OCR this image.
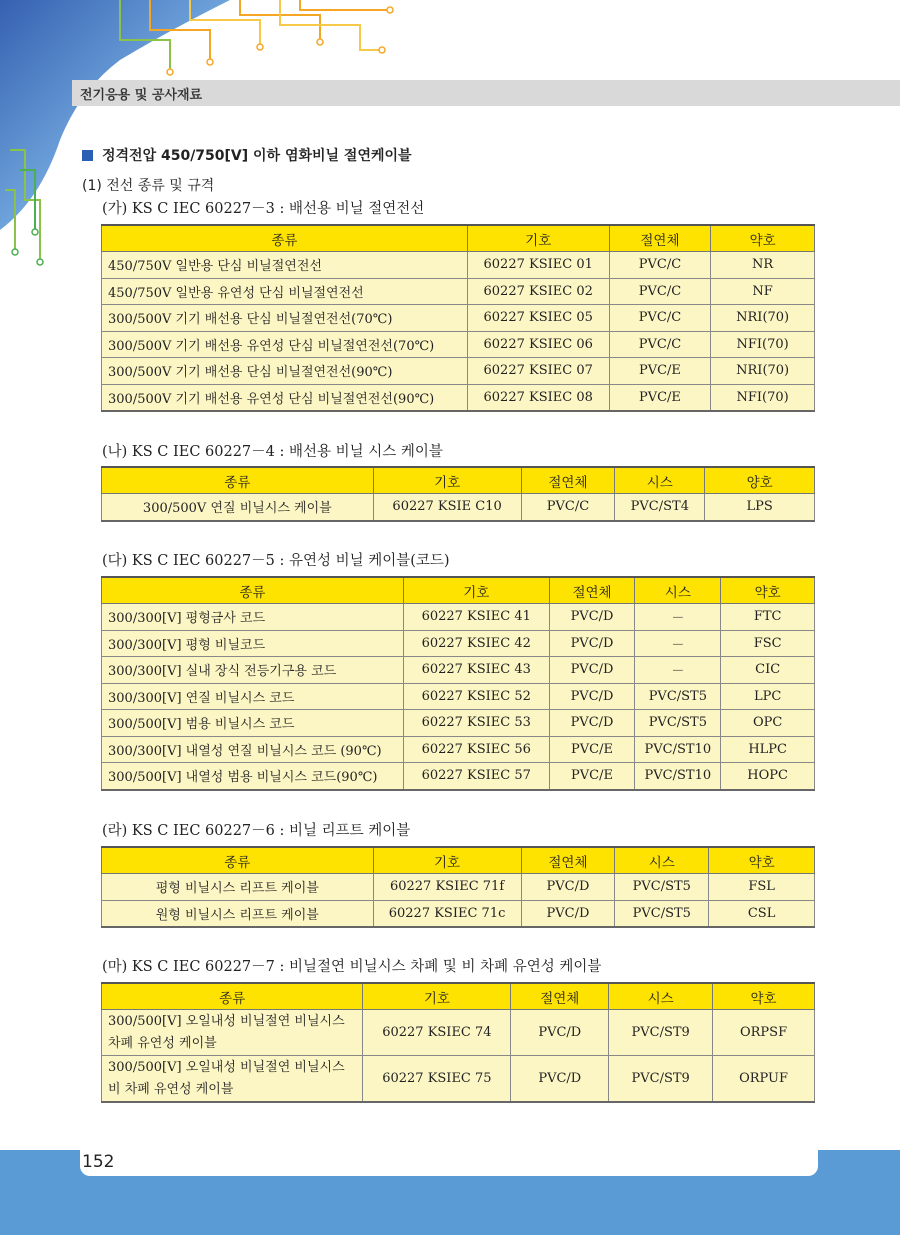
전기응용 및 공사재료
정격전압 450/750[V] 이하 염화비닐 절연케이블
(1) 전선 종류 및 규격
(가) KS C IEC 60227－3 : 배선용 비닐 절연전선
종류	기호	절연체	약호
450/750V 일반용 단심 비닐절연전선	60227 KSIEC 01	PVC/C	NR
450/750V 일반용 유연성 단심 비닐절연전선	60227 KSIEC 02	PVC/C	NF
300/500V 기기 배선용 단심 비닐절연전선(70℃)	60227 KSIEC 05	PVC/C	NRI(70)
300/500V 기기 배선용 유연성 단심 비닐절연전선(70℃)	60227 KSIEC 06	PVC/C	NFI(70)
300/500V 기기 배선용 단심 비닐절연전선(90℃)	60227 KSIEC 07	PVC/E	NRI(70)
300/500V 기기 배선용 유연성 단심 비닐절연전선(90℃)	60227 KSIEC 08	PVC/E	NFI(70)
(나) KS C IEC 60227－4 : 배선용 비닐 시스 케이블
종류	기호	절연체	시스	양호
300/500V 연질 비닐시스 케이블	60227 KSIE C10	PVC/C	PVC/ST4	LPS
(다) KS C IEC 60227－5 : 유연성 비닐 케이블(코드)
종류	기호	절연체	시스	약호
300/300[V] 평형금사 코드	60227 KSIEC 41	PVC/D	－	FTC
300/300[V] 평형 비닐코드	60227 KSIEC 42	PVC/D	－	FSC
300/300[V] 실내 장식 전등기구용 코드	60227 KSIEC 43	PVC/D	－	CIC
300/300[V] 연질 비닐시스 코드	60227 KSIEC 52	PVC/D	PVC/ST5	LPC
300/500[V] 범용 비닐시스 코드	60227 KSIEC 53	PVC/D	PVC/ST5	OPC
300/300[V] 내열성 연질 비닐시스 코드 (90℃)	60227 KSIEC 56	PVC/E	PVC/ST10	HLPC
300/500[V] 내열성 범용 비닐시스 코드(90℃)	60227 KSIEC 57	PVC/E	PVC/ST10	HOPC
(라) KS C IEC 60227－6 : 비닐 리프트 케이블
종류	기호	절연체	시스	약호
평형 비닐시스 리프트 케이블	60227 KSIEC 71f	PVC/D	PVC/ST5	FSL
원형 비닐시스 리프트 케이블	60227 KSIEC 71c	PVC/D	PVC/ST5	CSL
(마) KS C IEC 60227－7 : 비닐절연 비닐시스 차폐 및 비 차폐 유연성 케이블
종류	기호	절연체	시스	약호
300/500[V] 오일내성 비닐절연 비닐시스 차폐 유연성 케이블	60227 KSIEC 74	PVC/D	PVC/ST9	ORPSF
300/500[V] 오일내성 비닐절연 비닐시스 비 차폐 유연성 케이블	60227 KSIEC 75	PVC/D	PVC/ST9	ORPUF
152
